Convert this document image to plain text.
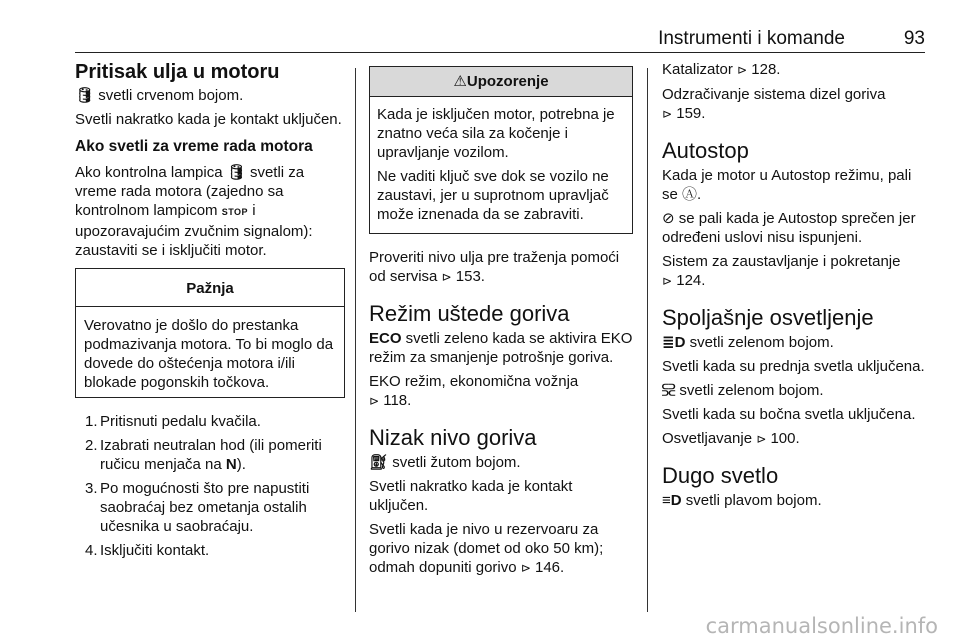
Instrumenti i komande	93
Pritisak ulja u motoru

🛢︎ svetli crvenom bojom.

Svetli nakratko kada je kontakt uključen.

Ako svetli za vreme rada motora

Ako kontrolna lampica 🛢︎ svetli za vreme rada motora (zajedno sa kontrolnom lampicom STOP i upozoravajućim zvučnim signalom): zaustaviti se i isključiti motor.

Pažnja
Verovatno je došlo do prestanka podmazivanja motora. To bi moglo da dovede do oštećenja motora i/ili blokade pogonskih točkova.
1. Pritisnuti pedalu kvačila.
2. Izabrati neutralan hod (ili pomeriti ručicu menjača na N).
3. Po mogućnosti što pre napustiti saobraćaj bez ometanja ostalih učesnika u saobraćaju.
4. Isključiti kontakt.
⚠Upozorenje

Kada je isključen motor, potrebna je znatno veća sila za kočenje i upravljanje vozilom.

Ne vaditi ključ sve dok se vozilo ne zaustavi, jer u suprotnom upravljač može iznenada da se zabraviti.

Proveriti nivo ulja pre traženja pomoći od servisa ⊳ 153.

Režim uštede goriva

ECO svetli zeleno kada se aktivira EKO režim za smanjenje potrošnje goriva.

EKO režim, ekonomična vožnja
⊳ 118.

Nizak nivo goriva

⛽︎ svetli žutom bojom.

Svetli nakratko kada je kontakt uključen.

Svetli kada je nivo u rezervoaru za gorivo nizak (domet od oko 50 km); odmah dopuniti gorivo ⊳ 146.

Katalizator ⊳ 128.

Odzračivanje sistema dizel goriva
⊳ 159.

Autostop

Kada je motor u Autostop režimu, pali se Ⓐ.

⊘ se pali kada je Autostop sprečen jer određeni uslovi nisu ispunjeni.

Sistem za zaustavljanje i pokretanje
⊳ 124.

Spoljašnje osvetljenje

≣D svetli zelenom bojom.

Svetli kada su prednja svetla uključena.

⫓⫔ svetli zelenom bojom.

Svetli kada su bočna svetla uključena.

Osvetljavanje ⊳ 100.

Dugo svetlo

≡D svetli plavom bojom.

carmanualsonline.info
